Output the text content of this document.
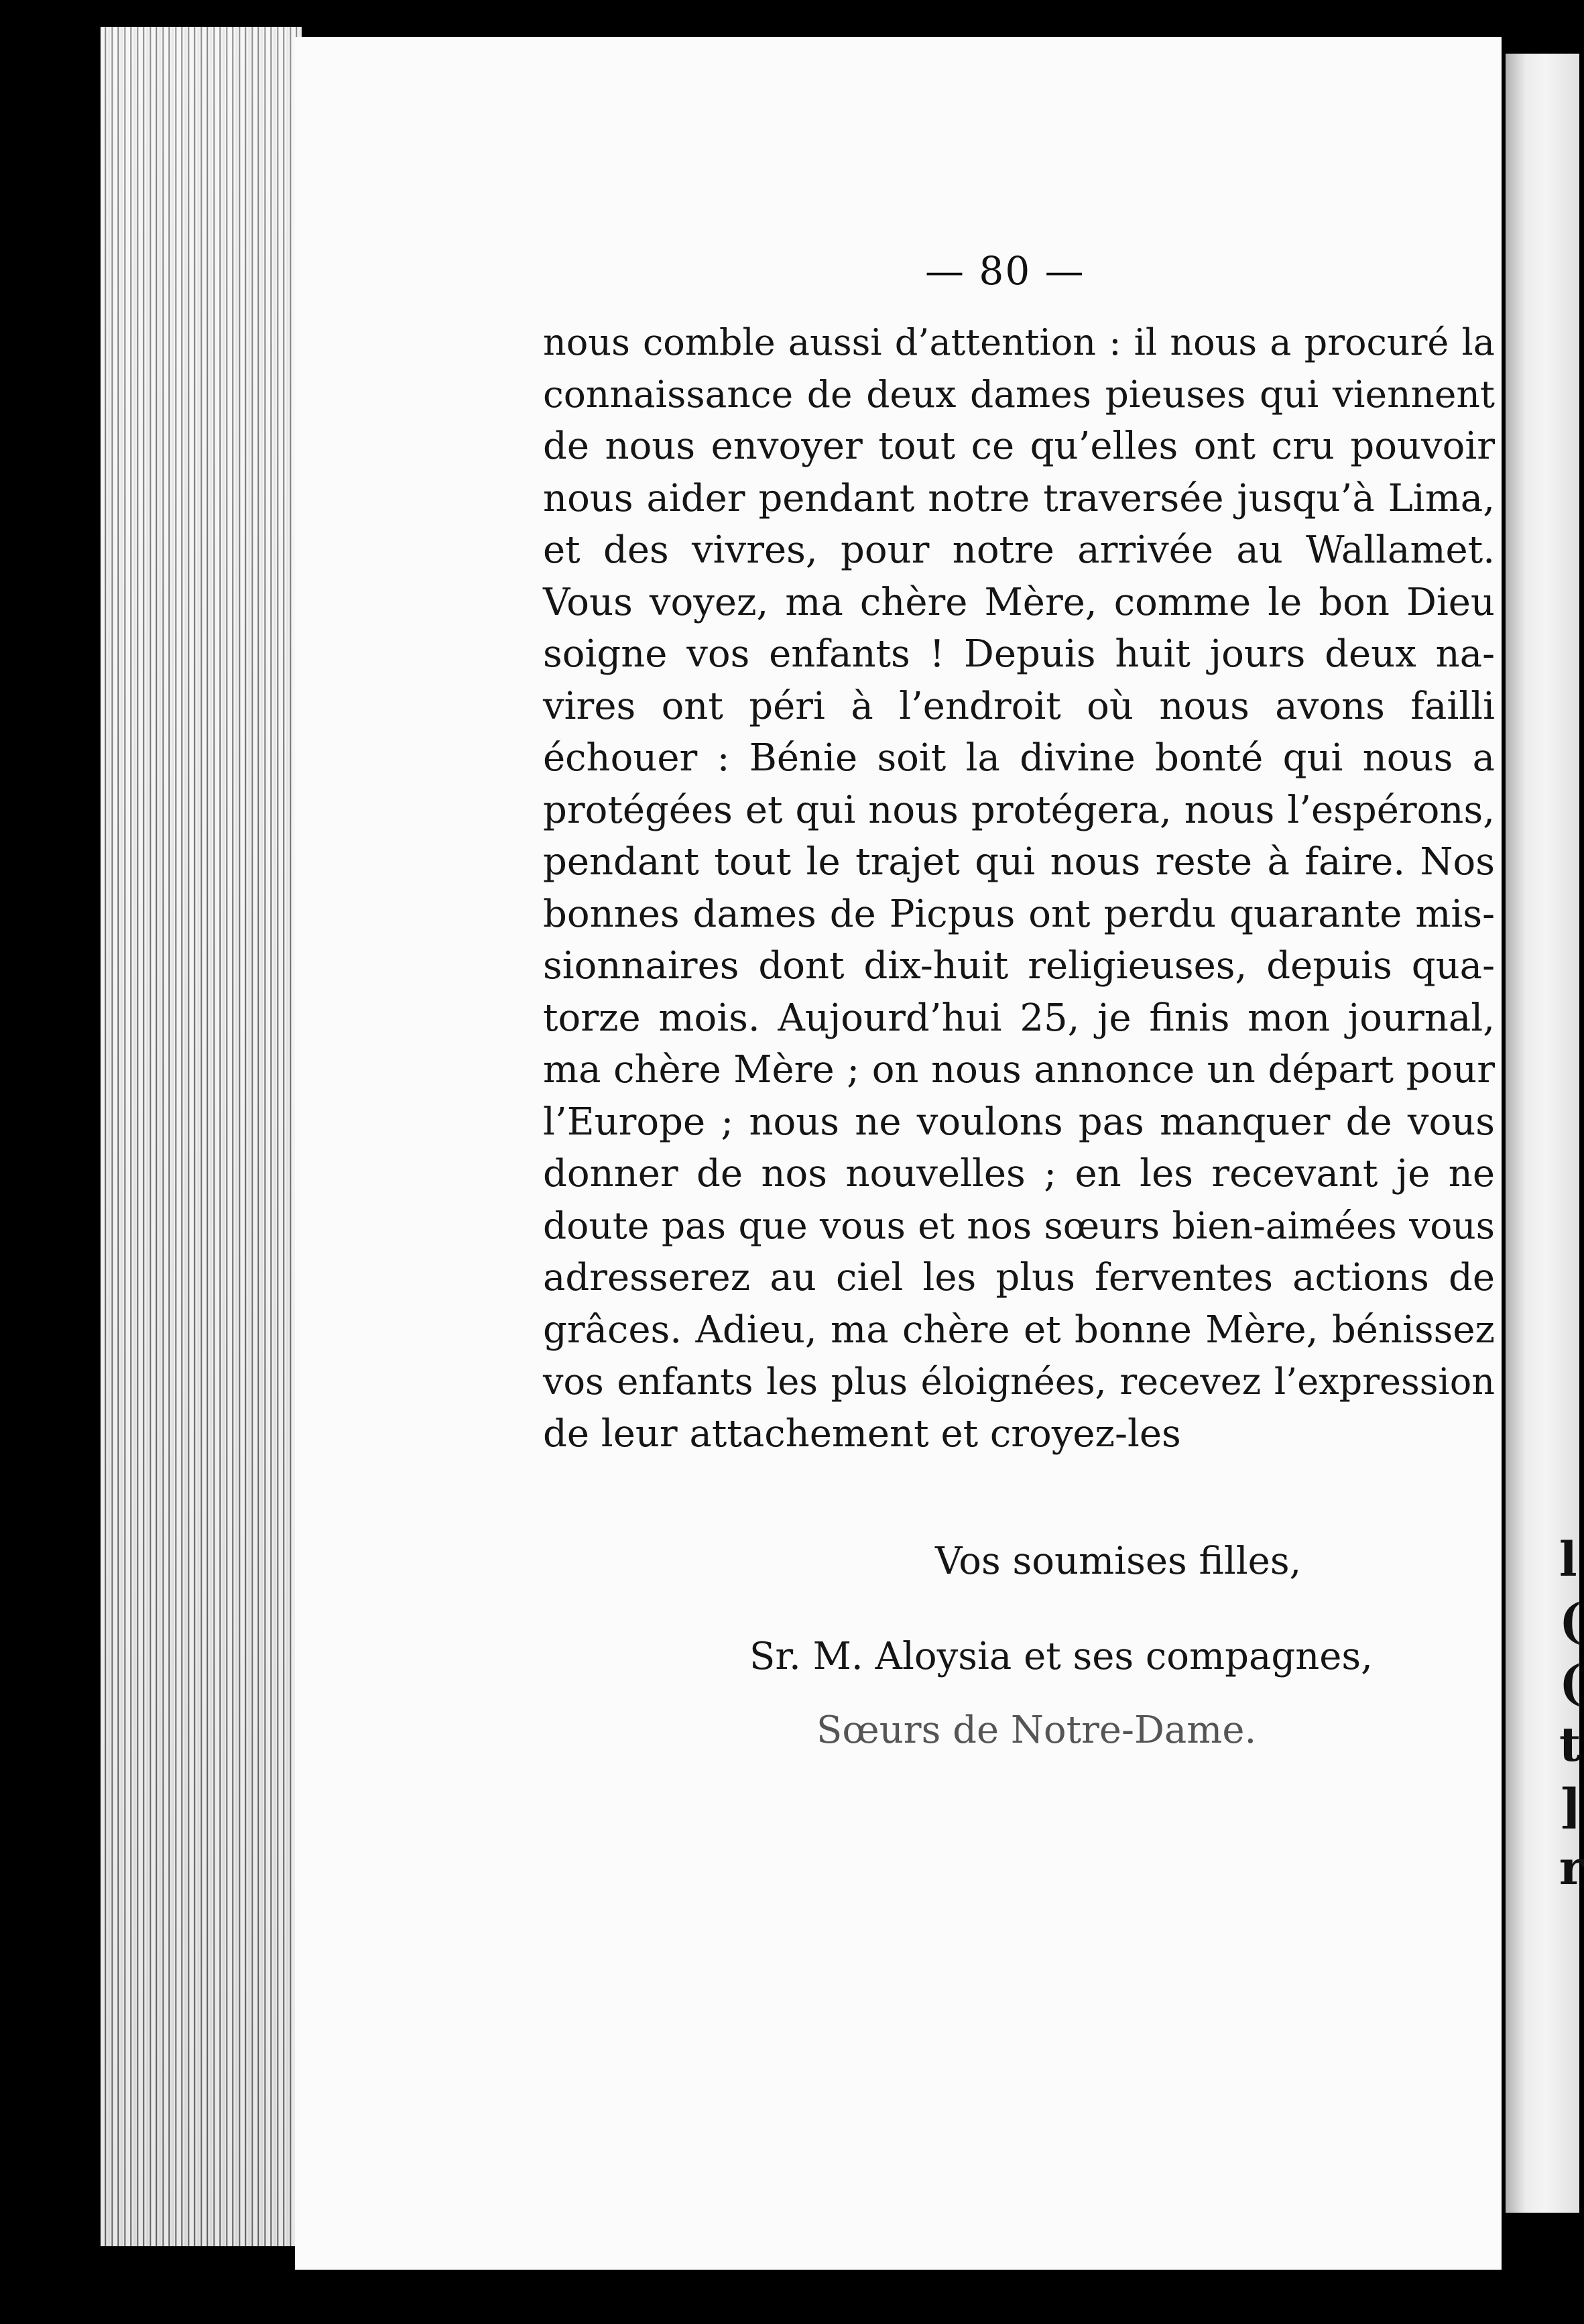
l
(
(
t
]
r
— 80 —
nous comble aussi d’attention : il nous a procuré la
connaissance de deux dames pieuses qui viennent
de nous envoyer tout ce qu’elles ont cru pouvoir
nous aider pendant notre traversée jusqu’à Lima,
et des vivres, pour notre arrivée au Wallamet.
Vous voyez, ma chère Mère, comme le bon Dieu
soigne vos enfants ! Depuis huit jours deux na-
vires ont péri à l’endroit où nous avons failli
échouer : Bénie soit la divine bonté qui nous a
protégées et qui nous protégera, nous l’espérons,
pendant tout le trajet qui nous reste à faire. Nos
bonnes dames de Picpus ont perdu quarante mis-
sionnaires dont dix-huit religieuses, depuis qua-
torze mois. Aujourd’hui 25, je finis mon journal,
ma chère Mère ; on nous annonce un départ pour
l’Europe ; nous ne voulons pas manquer de vous
donner de nos nouvelles ; en les recevant je ne
doute pas que vous et nos sœurs bien-aimées vous
adresserez au ciel les plus ferventes actions de
grâces. Adieu, ma chère et bonne Mère, bénissez
vos enfants les plus éloignées, recevez l’expression
de leur attachement et croyez-les
Vos soumises filles,
Sr. M. Aloysia et ses compagnes,
Sœurs de Notre-Dame.
